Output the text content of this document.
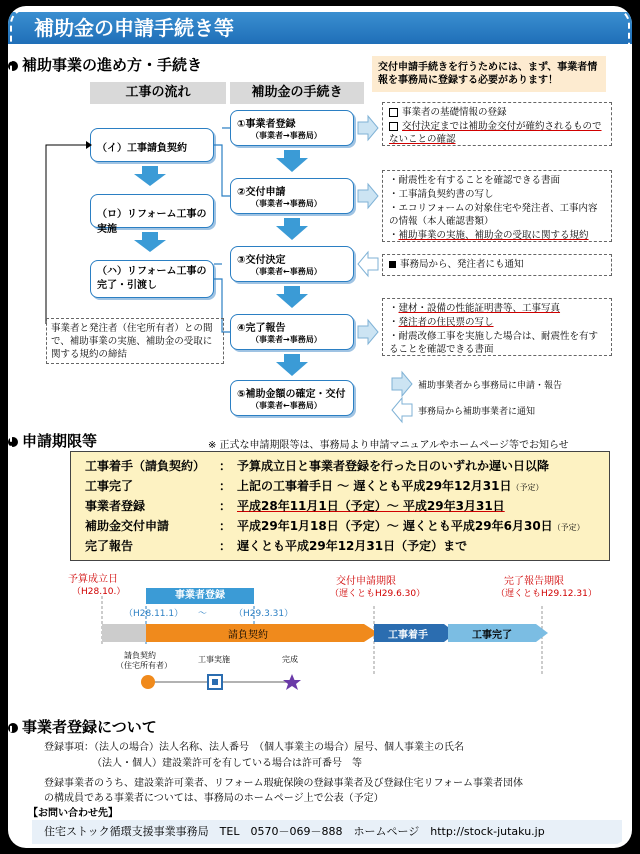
補助金の申請手続き等
補助事業の進め方・手続き
工事の流れ	補助金の手続き
交付申請手続きを行うためには、まず、事業者情報を事務局に登録する必要があります！
（イ）工事請負契約
（ロ）リフォーム工事の実施
（ハ）リフォーム工事の完了・引渡し
①事業者登録
（事業者→事務局）
②交付申請
（事業者→事務局）
③交付決定
（事業者←事務局）
④完了報告
（事業者→事務局）
⑤補助金額の確定・交付
（事業者←事務局）
事業者の基礎情報の登録
交付決定までは補助金交付が確約されるものでないことの確認
・耐震性を有することを確認できる書面
・工事請負契約書の写し
・エコリフォームの対象住宅や発注者、工事内容の情報（本人確認書類）
・補助事業の実施、補助金の受取に関する規約
事務局から、発注者にも通知
・建材・設備の性能証明書等、工事写真
・発注者の住民票の写し
・耐震改修工事を実施した場合は、耐震性を有することを確認できる書面
事業者と発注者（住宅所有者）との間で、補助事業の実施、補助金の受取に関する規約の締結
補助事業者から事務局に申請・報告
事務局から補助事業者に通知
申請期限等	※ 正式な申請期限等は、事務局より申請マニュアルやホームページ等でお知らせ
工事着手（請負契約） ： 予算成立日と事業者登録を行った日のいずれか遅い日以降
工事完了	： 上記の工事着手日 ～ 遅くとも平成29年12月31日（予定）
事業者登録	： 平成28年11月1日（予定）～ 平成29年3月31日
補助金交付申請	： 平成29年1月18日（予定）～ 遅くとも平成29年6月30日（予定）
完了報告	： 遅くとも平成29年12月31日（予定）まで
予算成立日
（H28.10.）	事業者登録
（H28.11.1） ～	（H29.3.31）
交付申請期限
（遅くともH29.6.30）
完了報告期限
（遅くともH29.12.31）
請負契約	工事着手	工事完了
請負契約
（住宅所有者）
工事実施	完成
事業者登録について
登録事項：（法人の場合）法人名称、法人番号　（個人事業主の場合）屋号、個人事業主の氏名
（法人・個人）建設業許可を有している場合は許可番号　等
登録事業者のうち、建設業許可業者、リフォーム瑕疵保険の登録事業者及び登録住宅リフォーム事業者団体
の構成員である事業者については、事務局のホームページ上で公表（予定）
【お問い合わせ先】
住宅ストック循環支援事業事務局　TEL　0570－069－888　ホームページ　http://stock-jutaku.jp
